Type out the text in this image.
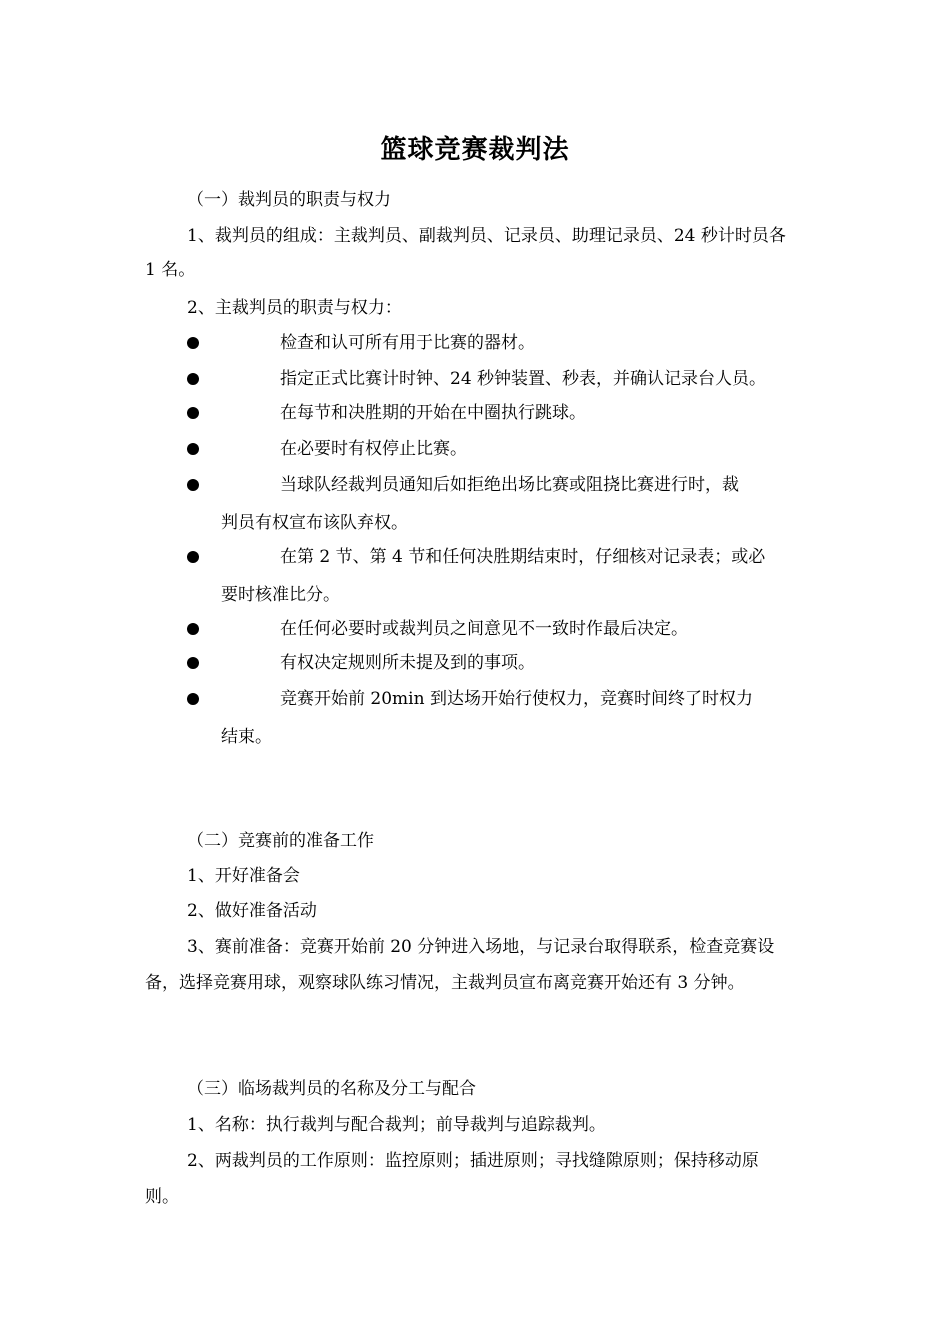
篮球竞赛裁判法
（一）裁判员的职责与权力
1、裁判员的组成：主裁判员、副裁判员、记录员、助理记录员、24 秒计时员各
1 名。
2、主裁判员的职责与权力：
检查和认可所有用于比赛的器材。
指定正式比赛计时钟、24 秒钟装置、秒表，并确认记录台人员。
在每节和决胜期的开始在中圈执行跳球。
在必要时有权停止比赛。
当球队经裁判员通知后如拒绝出场比赛或阻挠比赛进行时，裁
判员有权宣布该队弃权。
在第 2 节、第 4 节和任何决胜期结束时，仔细核对记录表；或必
要时核准比分。
在任何必要时或裁判员之间意见不一致时作最后决定。
有权决定规则所未提及到的事项。
竞赛开始前 20min 到达场开始行使权力，竞赛时间终了时权力
结束。
（二）竞赛前的准备工作
1、开好准备会
2、做好准备活动
3、赛前准备：竞赛开始前 20 分钟进入场地，与记录台取得联系，检查竞赛设
备，选择竞赛用球，观察球队练习情况，主裁判员宣布离竞赛开始还有 3 分钟。
（三）临场裁判员的名称及分工与配合
1、名称：执行裁判与配合裁判；前导裁判与追踪裁判。
2、两裁判员的工作原则：监控原则；插进原则；寻找缝隙原则；保持移动原
则。
